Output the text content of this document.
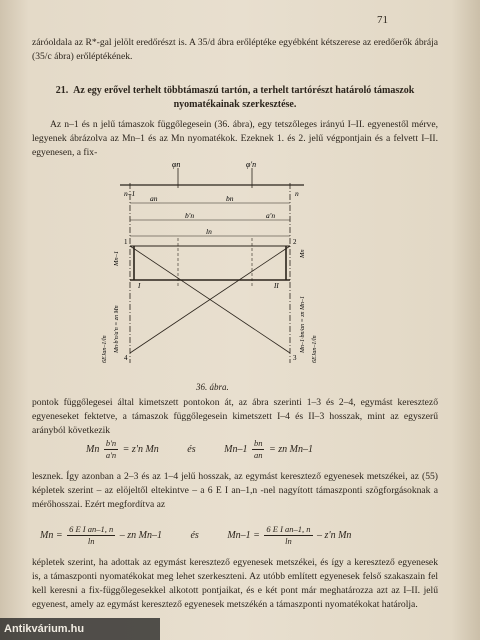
71

záróoldala az R*-gal jelölt eredőrészt is. A 35/d ábra erőléptéke egyébként kétszerese az eredőerők ábrája (35/c ábra) erőléptékének.

21. Az egy erővel terhelt többtámaszú tartón, a terhelt tartórészt határoló támaszok nyomatékainak szerkesztése.

Az n–1 és n jelű támaszok függőlegesein (36. ábra), egy tetszőleges irányú I–II. egyenestől mérve, legyenek ábrázolva az Mn–1 és az Mn nyomatékok. Ezeknek 1. és 2. jelű végpontjain és a felvett I–II. egyenesen, a fix-

φn	φ'n
n–1	n
an	bn
b'n	a'n
ln
1	2
3
4
I	II
Mn–1	Mn
6EJan–1/ln Mn·b'n/a'n = zn Mn	6EJan–1/ln
Mn–1·bn/an = zn Mn–1
36. ábra.

pontok függőlegesei által kimetszett pontokon át, az ábra szerinti 1–3 és 2–4, egymást keresztező egyeneseket fektetve, a támaszok függőlegesein kimetszett I–4 és II–3 hosszak, mint az egyszerű arányból következik

Mn $\frac{b'n}{a'n} = z'n$ Mn	és	$Mn-1 \frac{bn}{an}$ = zn Mn–1

lesznek. Így azonban a 2–3 és az 1–4 jelű hosszak, az egymást keresztező egyenesek metszékei, az (55) képletek szerint – az elöjeltől eltekintve – a 6 E I an–1,n -nel nagyított támaszponti szögforgásoknak a mérőhosszai. Ezért megfordítva az

$Mn = \frac{\text{6 E I an–1, n}}{\ln}$ – zn Mn–1	és	$Mn-1 = \frac{\text{6 E I an–1, n}}{\ln} - z'n$ Mn

képletek szerint, ha adottak az egymást keresztező egyenesek metszékei, és így a keresztező egyenesek is, a támaszponti nyomatékokat meg lehet szerkeszteni. Az utóbb említett egyenesek felső szakaszain fel kell keresni a fix-függőlegesekkel alkotott pontjaikat, és e két pont már meghatározza azt az I–II. jelű egyenest, amely az egymást keresztező egyenesek metszékén a támaszponti nyomatékokat határolja.

Antikvárium.hu
